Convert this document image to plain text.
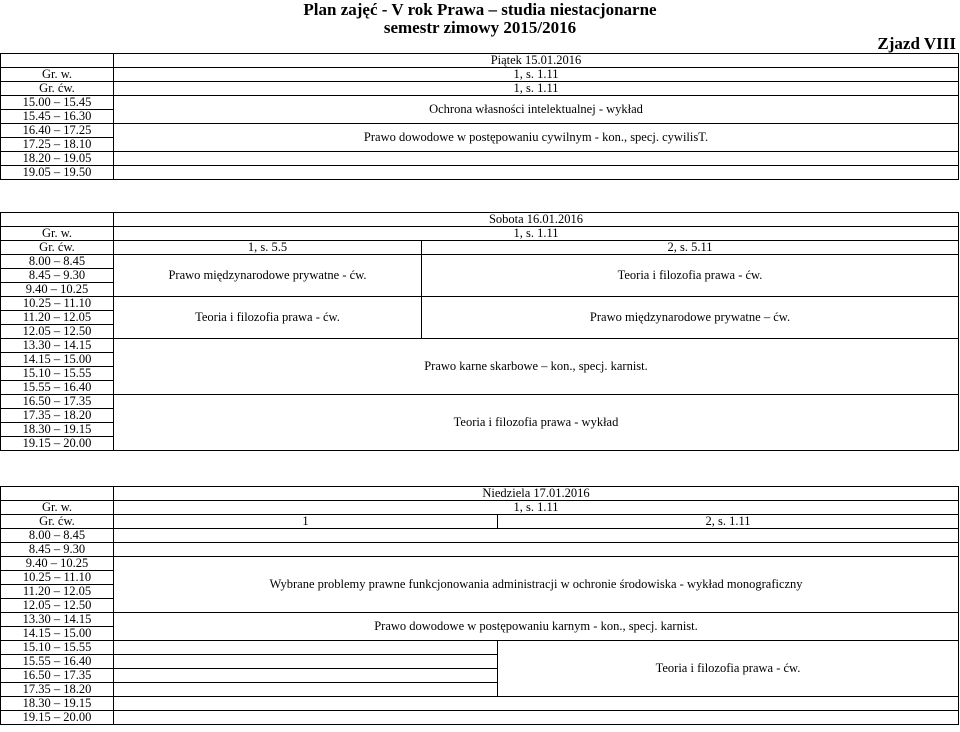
Plan zajęć - V rok Prawa – studia niestacjonarne
semestr zimowy 2015/2016
Zjazd VIII
	Piątek 15.01.2016
Gr. w.	1, s. 1.11
Gr. ćw.	1, s. 1.11
15.00 – 15.45	Ochrona własności intelektualnej - wykład
15.45 – 16.30	
16.40 – 17.25	Prawo dowodowe w postępowaniu cywilnym - kon., specj. cywilisT.
17.25 – 18.10	
18.20 – 19.05	
19.05 – 19.50	
	Sobota 16.01.2016	
Gr. w.	1, s. 1.11	
Gr. ćw.	1, s. 5.5	2, s. 5.11
8.00 – 8.45	Prawo międzynarodowe prywatne - ćw.	Teoria i filozofia prawa - ćw.
8.45 – 9.30		
9.40 – 10.25		
10.25 – 11.10	Teoria i filozofia prawa - ćw.	Prawo międzynarodowe prywatne – ćw.
11.20 – 12.05		
12.05 – 12.50		
13.30 – 14.15	Prawo karne skarbowe – kon., specj. karnist.	
14.15 – 15.00		
15.10 – 15.55		
15.55 – 16.40		
16.50 – 17.35	Teoria i filozofia prawa - wykład	
17.35 – 18.20		
18.30 – 19.15		
19.15 – 20.00		
	Niedziela 17.01.2016	
Gr. w.	1, s. 1.11	
Gr. ćw.	1	2, s. 1.11
8.00 – 8.45		
8.45 – 9.30		
9.40 – 10.25	Wybrane problemy prawne funkcjonowania administracji w ochronie środowiska - wykład monograficzny	
10.25 – 11.10		
11.20 – 12.05		
12.05 – 12.50		
13.30 – 14.15	Prawo dowodowe w postępowaniu karnym - kon., specj. karnist.	
14.15 – 15.00		
15.10 – 15.55		Teoria i filozofia prawa - ćw.
15.55 – 16.40		
16.50 – 17.35		
17.35 – 18.20		
18.30 – 19.15		
19.15 – 20.00		
